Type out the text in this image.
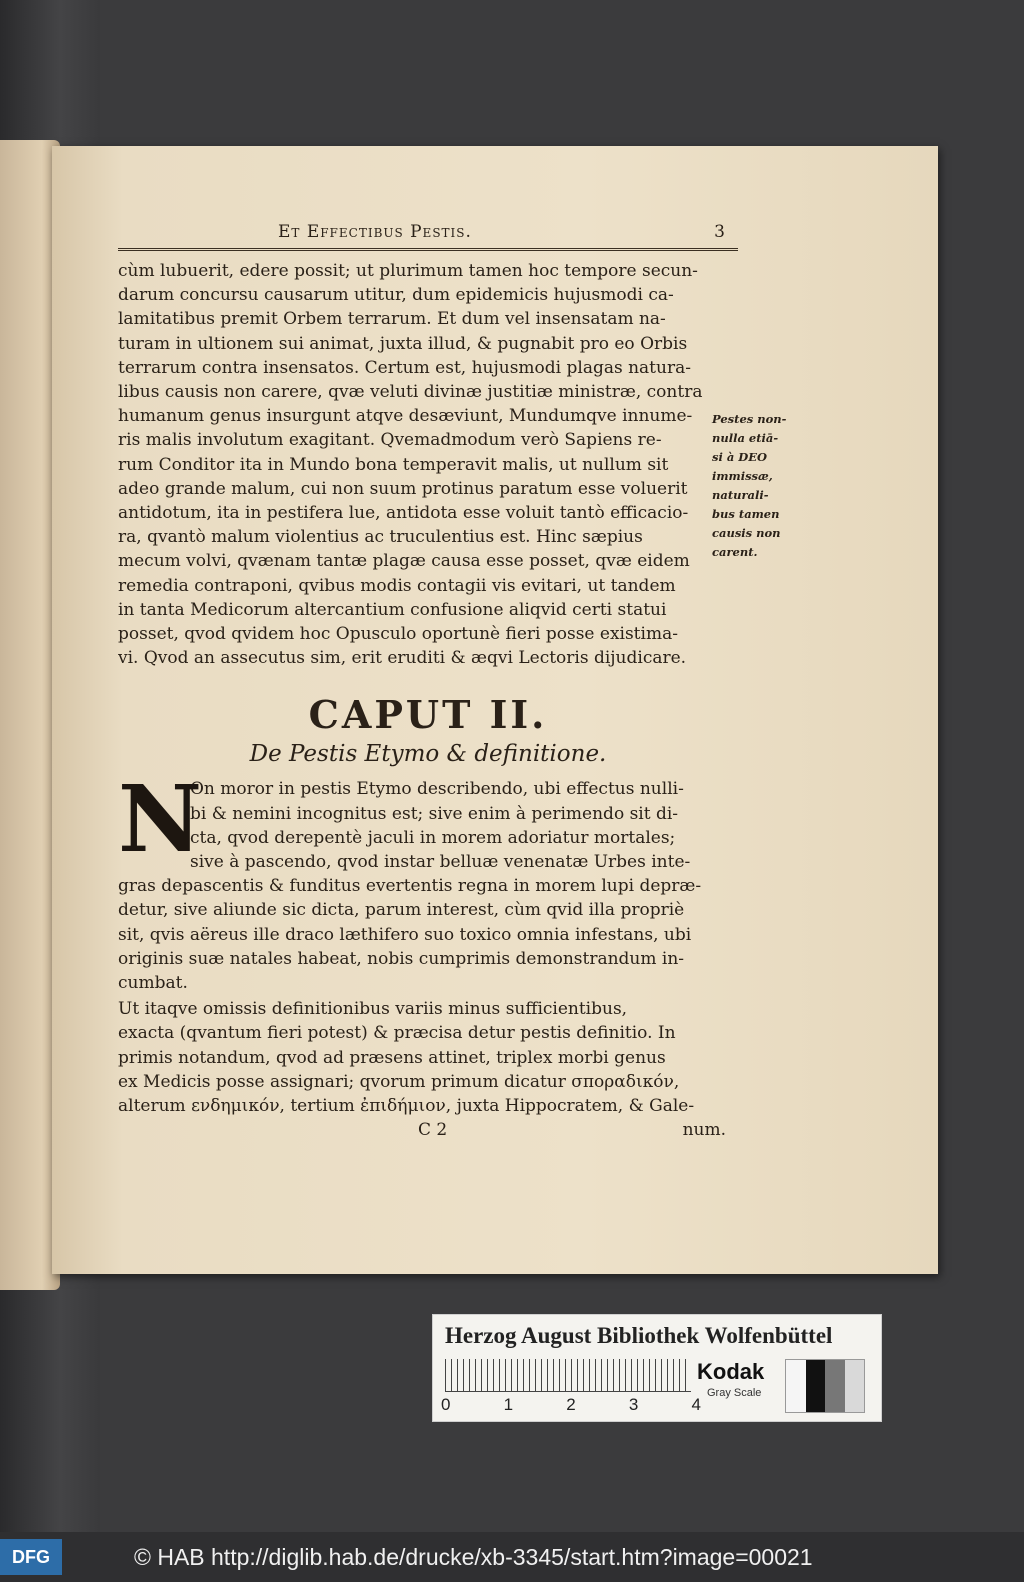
Et Effectibus Pestis.	3
cùm lubuerit, edere possit; ut plurimum tamen hoc tempore secun-
darum concursu causarum utitur, dum epidemicis hujusmodi ca-
lamitatibus premit Orbem terrarum. Et dum vel insensatam na-
turam in ultionem sui animat, juxta illud, & pugnabit pro eo Orbis
terrarum contra insensatos. Certum est, hujusmodi plagas natura-
libus causis non carere, qvæ veluti divinæ justitiæ ministræ, contra
humanum genus insurgunt atqve desæviunt, Mundumqve innume-
ris malis involutum exagitant. Qvemadmodum verò Sapiens re-
rum Conditor ita in Mundo bona temperavit malis, ut nullum sit
adeo grande malum, cui non suum protinus paratum esse voluerit
antidotum, ita in pestifera lue, antidota esse voluit tantò efficacio-
ra, qvantò malum violentius ac truculentius est. Hinc sæpius
mecum volvi, qvænam tantæ plagæ causa esse posset, qvæ eidem
remedia contraponi, qvibus modis contagii vis evitari, ut tandem
in tanta Medicorum altercantium confusione aliqvid certi statui
posset, qvod qvidem hoc Opusculo oportunè fieri posse existima-
vi. Qvod an assecutus sim, erit eruditi & æqvi Lectoris dijudicare.
CAPUT II.
De Pestis Etymo & definitione.
N
On moror in pestis Etymo describendo, ubi effectus nulli-
bi & nemini incognitus est; sive enim à perimendo sit di-
cta, qvod derepentè jaculi in morem adoriatur mortales;
sive à pascendo, qvod instar belluæ venenatæ Urbes inte-
gras depascentis & funditus evertentis regna in morem lupi depræ-
detur, sive aliunde sic dicta, parum interest, cùm qvid illa propriè
sit, qvis aëreus ille draco læthifero suo toxico omnia infestans, ubi
originis suæ natales habeat, nobis cumprimis demonstrandum in-
cumbat.
Ut itaqve omissis definitionibus variis minus sufficientibus,
exacta (qvantum fieri potest) & præcisa detur pestis definitio. In
primis notandum, qvod ad præsens attinet, triplex morbi genus
ex Medicis posse assignari; qvorum primum dicatur σποραδικόν,
alterum ενδημικόν, tertium ἐπιδήμιον, juxta Hippocratem, & Gale-
C 2	num.
Pestes non-
nulla etiā-
si à DEO
immissæ,
naturali-
bus tamen
causis non
carent.
Herzog August Bibliothek Wolfenbüttel
0	1	2	3	4
Kodak
Gray Scale
DFG	© HAB http://diglib.hab.de/drucke/xb-3345/start.htm?image=00021
